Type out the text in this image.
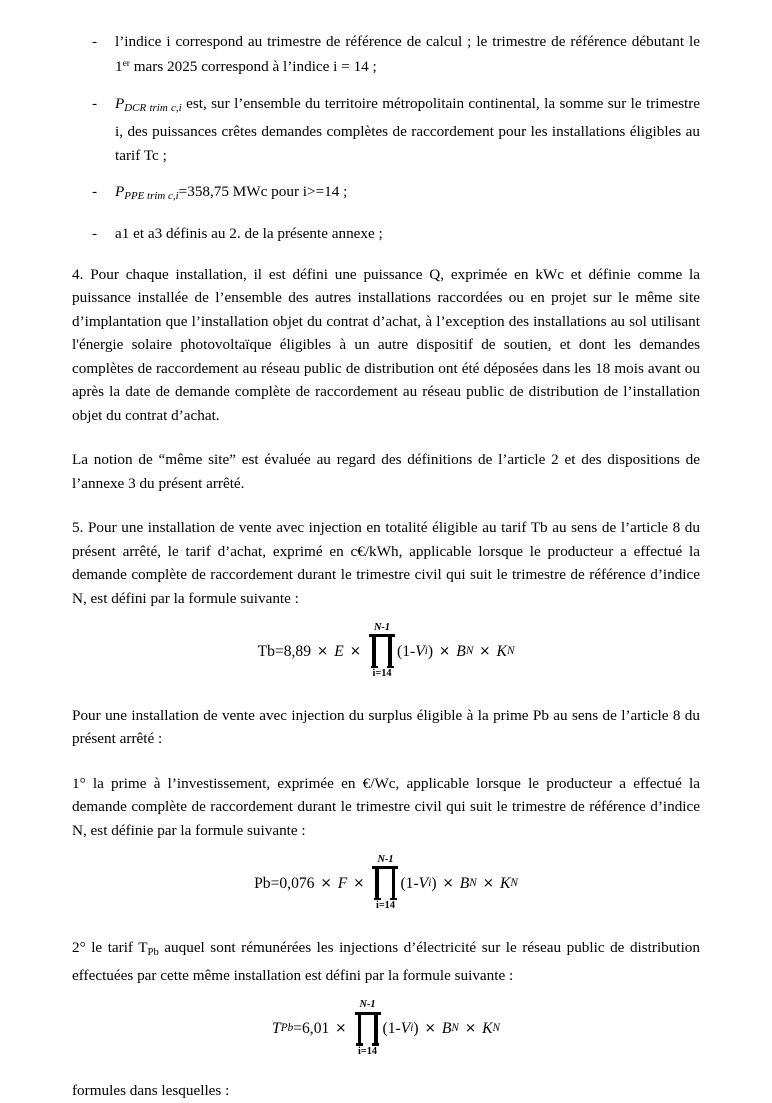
- l’indice i correspond au trimestre de référence de calcul ; le trimestre de référence débutant le 1er mars 2025 correspond à l’indice i = 14 ;
- $P_{DCR trim c,i}$ est, sur l’ensemble du territoire métropolitain continental, la somme sur le trimestre i, des puissances crêtes demandes complètes de raccordement pour les installations éligibles au tarif Tc ;
- $P_{PPE trim c,i}=358,75$ MWc pour i>=14 ;
- a1 et a3 définis au 2. de la présente annexe ;

4. Pour chaque installation, il est défini une puissance Q, exprimée en kWc et définie comme la puissance installée de l’ensemble des autres installations raccordées ou en projet sur le même site d’implantation que l’installation objet du contrat d’achat, à l’exception des installations au sol utilisant l'énergie solaire photovoltaïque éligibles à un autre dispositif de soutien, et dont les demandes complètes de raccordement au réseau public de distribution ont été déposées dans les 18 mois avant ou après la date de demande complète de raccordement au réseau public de distribution de l’installation objet du contrat d’achat.

La notion de “même site” est évaluée au regard des définitions de l’article 2 et des dispositions de l’annexe 3 du présent arrêté.

5. Pour une installation de vente avec injection en totalité éligible au tarif Tb au sens de l’article 8 du présent arrêté, le tarif d’achat, exprimé en c€/kWh, applicable lorsque le producteur a effectué la demande complète de raccordement durant le trimestre civil qui suit le trimestre de référence d’indice N, est défini par la formule suivante :

Tb= 8,89 × E ×
N-1
i=14
(1- V i ) × B N × K N

Pour une installation de vente avec injection du surplus éligible à la prime Pb au sens de l’article 8 du présent arrêté :

1° la prime à l’investissement, exprimée en €/Wc, applicable lorsque le producteur a effectué la demande complète de raccordement durant le trimestre civil qui suit le trimestre de référence d’indice N, est définie par la formule suivante :

Pb= 0,076 × F ×
N-1
i=14
(1- V i ) × B N × K N

2° le tarif TPb auquel sont rémunérées les injections d’électricité sur le réseau public de distribution effectuées par cette même installation est défini par la formule suivante :

T Pb = 6,01 ×
N-1
i=14
(1- V i ) × B N × K N

formules dans lesquelles :
